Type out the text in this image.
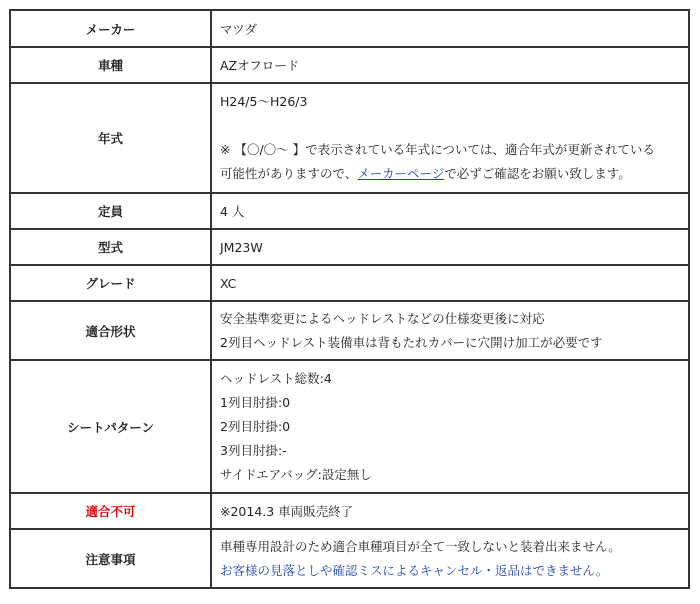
メーカー	マツダ
車種	AZオフロード
年式	H24/5～H26/3
※ 【〇/〇～ 】で表示されている年式については、適合年式が更新されている
可能性がありますので、メーカーページで必ずご確認をお願い致します。

定員	4 人
型式	JM23W
グレード	XC
適合形状	安全基準変更によるヘッドレストなどの仕様変更後に対応
2列目ヘッドレスト装備車は背もたれカバーに穴開け加工が必要です

シートパターン	ヘッドレスト総数:4
1列目肘掛:0
2列目肘掛:0
3列目肘掛:-
サイドエアバッグ:設定無し

適合不可	※2014.3 車両販売終了
注意事項	車種専用設計のため適合車種項目が全て一致しないと装着出来ません。
お客様の見落としや確認ミスによるキャンセル・返品はできません。
